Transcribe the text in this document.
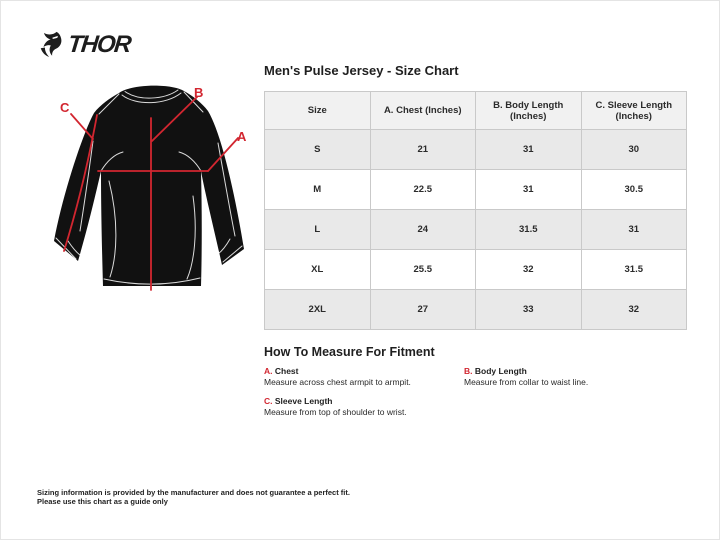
THOR
C
B
A
Men's Pulse Jersey - Size Chart
Size	A. Chest (Inches)	B. Body Length (Inches)	C. Sleeve Length (Inches)
S	21	31	30
M	22.5	31	30.5
L	24	31.5	31
XL	25.5	32	31.5
2XL	27	33	32
How To Measure For Fitment
A. Chest
Measure across chest armpit to armpit.
B. Body Length
Measure from collar to waist line.
C. Sleeve Length
Measure from top of shoulder to wrist.
Sizing information is provided by the manufacturer and does not guarantee a perfect fit.
Please use this chart as a guide only
